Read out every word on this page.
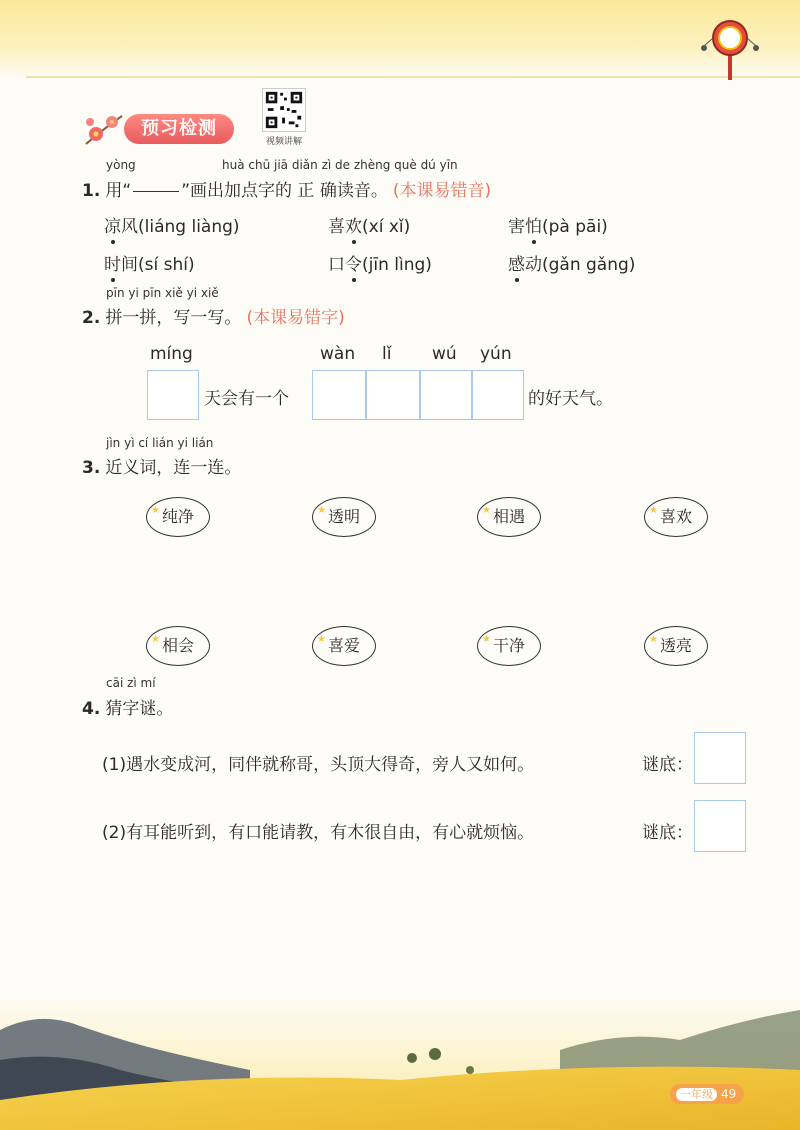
预习检测
视频讲解
yòng	huà chū jiā diǎn zì de zhèng què dú yīn
1. 用“	”画出加点字的 正 确读音。 (本课易错音)
凉风(liáng liàng)	喜欢(xí xǐ)	害怕(pà pāi)
时间(sí shí)	口令(jīn lìng)	感动(gǎn gǎng)
pīn yi pīn xiě yi xiě
2. 拼一拼，写一写。 (本课易错字)
míng	wàn lǐ wú yún
天会有一个	的好天气。
jìn yì cí lián yi lián
3. 近义词，连一连。
★ 纯净	★ 透明	★ 相遇	★ 喜欢
★ 相会	★ 喜爱	★ 干净	★ 透亮
cāi zì mí
4. 猜字谜。
(1)遇水变成河，同伴就称哥，头顶大得奇，旁人又如何。	谜底：
(2)有耳能听到，有口能请教，有木很自由，有心就烦恼。	谜底：
一年级 49
